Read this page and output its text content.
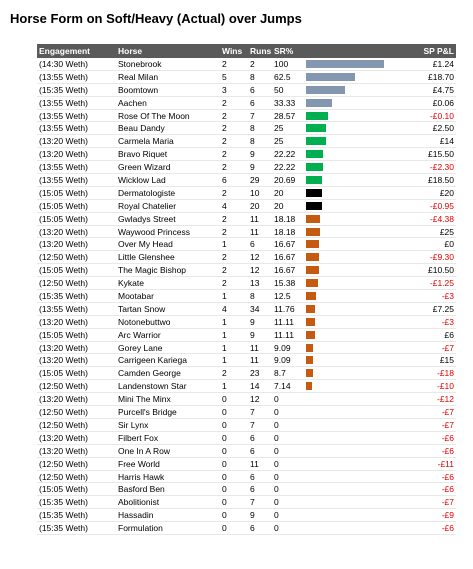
Horse Form on Soft/Heavy (Actual) over Jumps
Engagement	Horse	Wins Runs SR%	SP P&L
(14:30 Weth)	Stonebrook	2	2	100	£1.24
(13:55 Weth)	Real Milan	5	8	62.5	£18.70
(15:35 Weth)	Boomtown	3	6	50	£4.75
(13:55 Weth)	Aachen	2	6	33.33	£0.06
(13:55 Weth)	Rose Of The Moon	2	7	28.57	-£0.10
(13:55 Weth)	Beau Dandy	2	8	25	£2.50
(13:20 Weth)	Carmela Maria	2	8	25	£14
(13:20 Weth)	Bravo Riquet	2	9	22.22	£15.50
(13:55 Weth)	Green Wizard	2	9	22.22	-£2.30
(13:55 Weth)	Wicklow Lad	6	29	20.69	£18.50
(15:05 Weth)	Dermatologiste	2	10	20	£20
(15:05 Weth)	Royal Chatelier	4	20	20	-£0.95
(15:05 Weth)	Gwladys Street	2	11	18.18	-£4.38
(13:20 Weth)	Waywood Princess	2	11	18.18	£25
(13:20 Weth)	Over My Head	1	6	16.67	£0
(12:50 Weth)	Little Glenshee	2	12	16.67	-£9.30
(15:05 Weth)	The Magic Bishop	2	12	16.67	£10.50
(12:50 Weth)	Kykate	2	13	15.38	-£1.25
(15:35 Weth)	Mootabar	1	8	12.5	-£3
(13:55 Weth)	Tartan Snow	4	34	11.76	£7.25
(13:20 Weth)	Notonebuttwo	1	9	11.11	-£3
(15:05 Weth)	Arc Warrior	1	9	11.11	£6
(13:20 Weth)	Gorey Lane	1	11	9.09	-£7
(13:20 Weth)	Carrigeen Kariega	1	11	9.09	£15
(15:05 Weth)	Camden George	2	23	8.7	-£18
(12:50 Weth)	Landenstown Star	1	14	7.14	-£10
(13:20 Weth)	Mini The Minx	0	12	0	-£12
(12:50 Weth)	Purcell's Bridge	0	7	0	-£7
(12:50 Weth)	Sir Lynx	0	7	0	-£7
(13:20 Weth)	Filbert Fox	0	6	0	-£6
(13:20 Weth)	One In A Row	0	6	0	-£6
(12:50 Weth)	Free World	0	11	0	-£11
(12:50 Weth)	Harris Hawk	0	6	0	-£6
(15:05 Weth)	Basford Ben	0	6	0	-£6
(15:35 Weth)	Abolitionist	0	7	0	-£7
(15:35 Weth)	Hassadin	0	9	0	-£9
(15:35 Weth)	Formulation	0	6	0	-£6
